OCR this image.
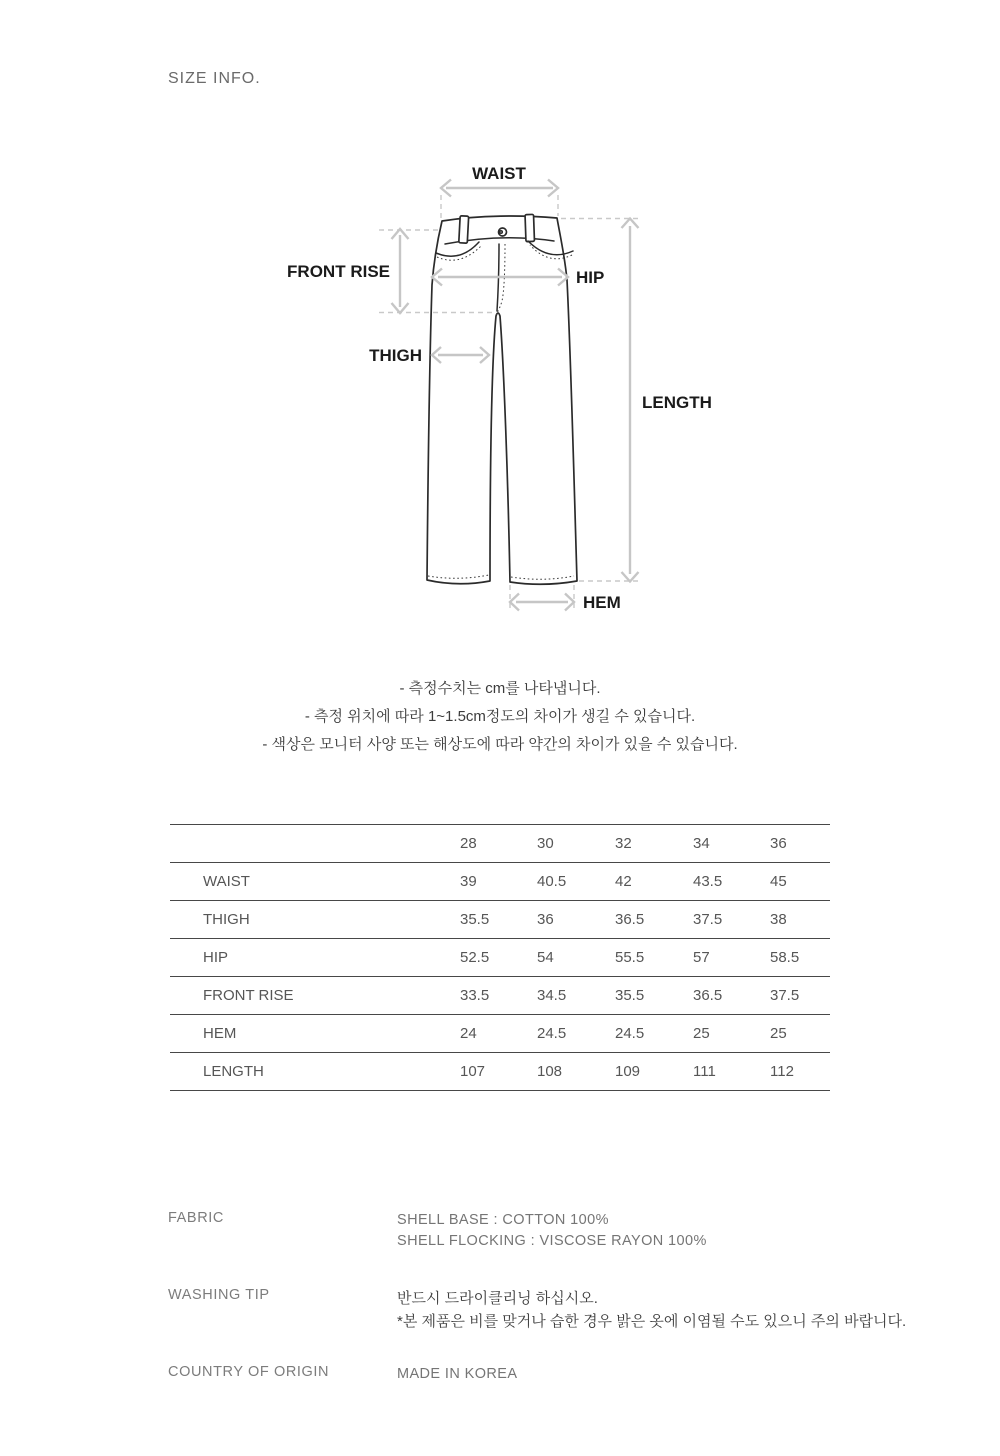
SIZE INFO.
WAIST
FRONT RISE	HIP
THIGH
LENGTH
HEM

- 측정수치는 cm를 나타냅니다.

- 측정 위치에 따라 1~1.5cm정도의 차이가 생길 수 있습니다.

- 색상은 모니터 사양 또는 해상도에 따라 약간의 차이가 있을 수 있습니다.

	28	30	32	34	36
WAIST	39	40.5	42	43.5	45
THIGH	35.5	36	36.5	37.5	38
HIP	52.5	54	55.5	57	58.5
FRONT RISE	33.5	34.5	35.5	36.5	37.5
HEM	24	24.5	24.5	25	25
LENGTH	107	108	109	111	112
FABRIC	SHELL BASE : COTTON 100%

SHELL FLOCKING : VISCOSE RAYON 100%

WASHING TIP	반드시 드라이클리닝 하십시오.

*본 제품은 비를 맞거나 습한 경우 밝은 옷에 이염될 수도 있으니 주의 바랍니다.

COUNTRY OF ORIGIN	MADE IN KOREA
